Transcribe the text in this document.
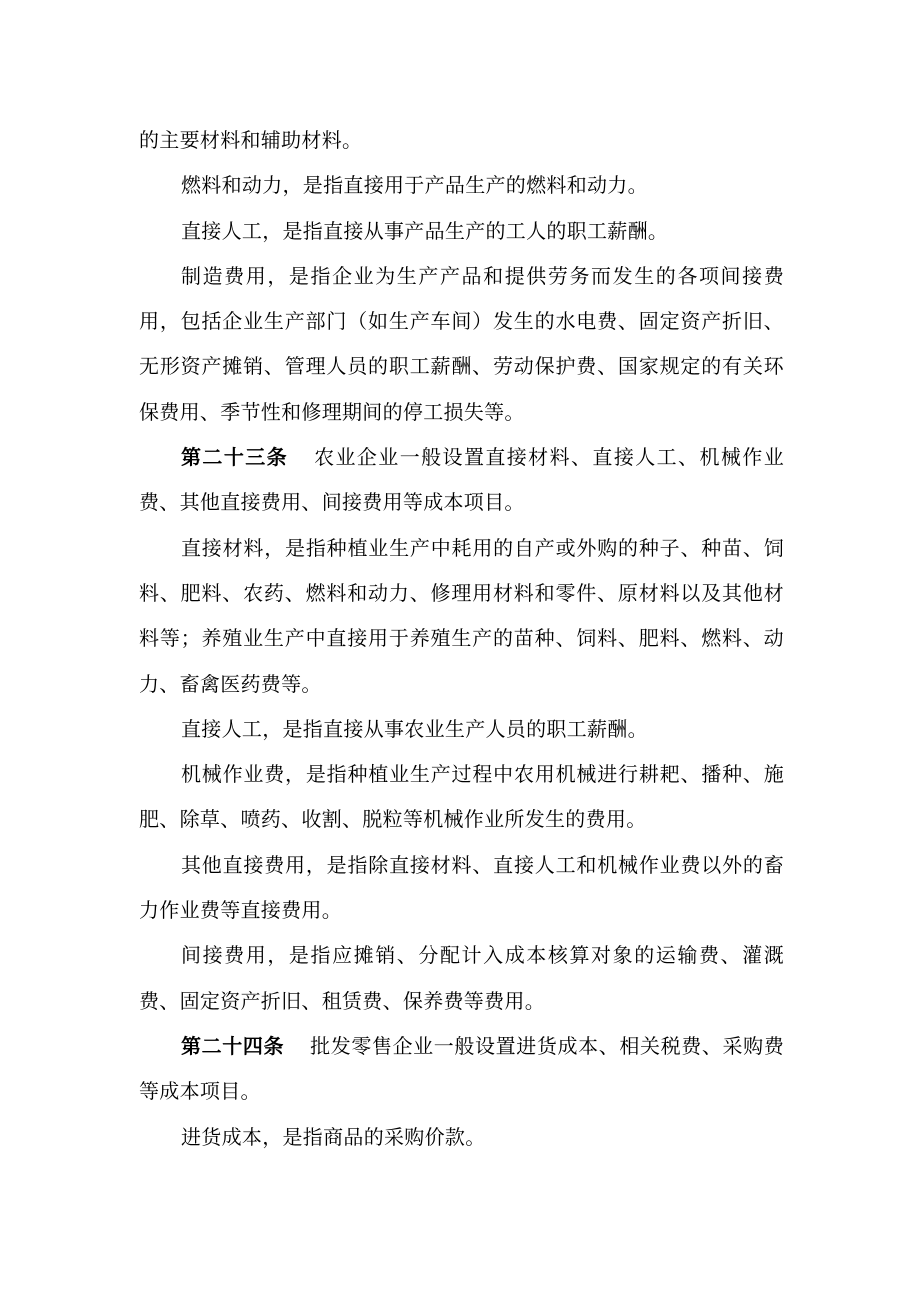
的主要材料和辅助材料。

燃料和动力，是指直接用于产品生产的燃料和动力。

直接人工，是指直接从事产品生产的工人的职工薪酬。

制造费用，是指企业为生产产品和提供劳务而发生的各项间接费用，包括企业生产部门（如生产车间）发生的水电费、固定资产折旧、无形资产摊销、管理人员的职工薪酬、劳动保护费、国家规定的有关环保费用、季节性和修理期间的停工损失等。

第二十三条 农业企业一般设置直接材料、直接人工、机械作业费、其他直接费用、间接费用等成本项目。

直接材料，是指种植业生产中耗用的自产或外购的种子、种苗、饲料、肥料、农药、燃料和动力、修理用材料和零件、原材料以及其他材料等；养殖业生产中直接用于养殖生产的苗种、饲料、肥料、燃料、动力、畜禽医药费等。

直接人工，是指直接从事农业生产人员的职工薪酬。

机械作业费，是指种植业生产过程中农用机械进行耕耙、播种、施肥、除草、喷药、收割、脱粒等机械作业所发生的费用。

其他直接费用，是指除直接材料、直接人工和机械作业费以外的畜力作业费等直接费用。

间接费用，是指应摊销、分配计入成本核算对象的运输费、灌溉费、固定资产折旧、租赁费、保养费等费用。

第二十四条 批发零售企业一般设置进货成本、相关税费、采购费等成本项目。

进货成本，是指商品的采购价款。
